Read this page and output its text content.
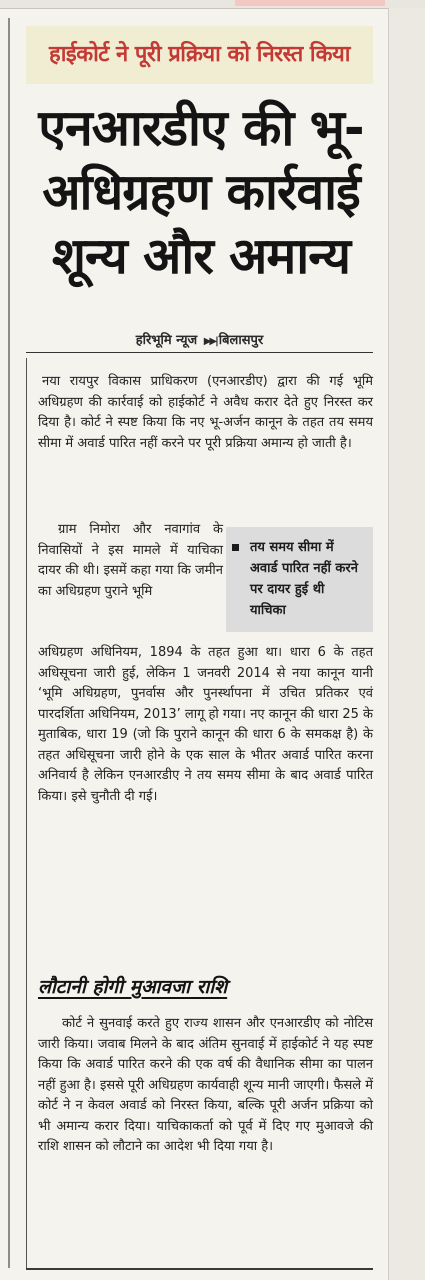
हाईकोर्ट ने पूरी प्रक्रिया को निरस्त किया
एनआरडीए की भू-अधिग्रहण कार्रवाई शून्य और अमान्य
हरिभूमि न्यूज ▶▶| बिलासपुर
नया रायपुर विकास प्राधिकरण (एनआरडीए) द्वारा की गई भूमि अधिग्रहण की कार्रवाई को हाईकोर्ट ने अवैध करार देते हुए निरस्त कर दिया है। कोर्ट ने स्पष्ट किया कि नए भू-अर्जन कानून के तहत तय समय सीमा में अवार्ड पारित नहीं करने पर पूरी प्रक्रिया अमान्य हो जाती है।
ग्राम निमोरा और नवागांव के निवासियों ने इस मामले में याचिका दायर की थी। इसमें कहा गया कि जमीन का अधिग्रहण पुराने भूमि
तय समय सीमा में अवार्ड पारित नहीं करने पर दायर हुई थी याचिका
अधिग्रहण अधिनियम, 1894 के तहत हुआ था। धारा 6 के तहत अधिसूचना जारी हुई, लेकिन 1 जनवरी 2014 से नया कानून यानी ‘भूमि अधिग्रहण, पुनर्वास और पुनर्स्थापना में उचित प्रतिकर एवं पारदर्शिता अधिनियम, 2013’ लागू हो गया। नए कानून की धारा 25 के मुताबिक, धारा 19 (जो कि पुराने कानून की धारा 6 के समकक्ष है) के तहत अधिसूचना जारी होने के एक साल के भीतर अवार्ड पारित करना अनिवार्य है लेकिन एनआरडीए ने तय समय सीमा के बाद अवार्ड पारित किया। इसे चुनौती दी गई।
लौटानी होगी मुआवजा राशि
कोर्ट ने सुनवाई करते हुए राज्य शासन और एनआरडीए को नोटिस जारी किया। जवाब मिलने के बाद अंतिम सुनवाई में हाईकोर्ट ने यह स्पष्ट किया कि अवार्ड पारित करने की एक वर्ष की वैधानिक सीमा का पालन नहीं हुआ है। इससे पूरी अधिग्रहण कार्यवाही शून्य मानी जाएगी। फैसले में कोर्ट ने न केवल अवार्ड को निरस्त किया, बल्कि पूरी अर्जन प्रक्रिया को भी अमान्य करार दिया। याचिकाकर्ता को पूर्व में दिए गए मुआवजे की राशि शासन को लौटाने का आदेश भी दिया गया है।
